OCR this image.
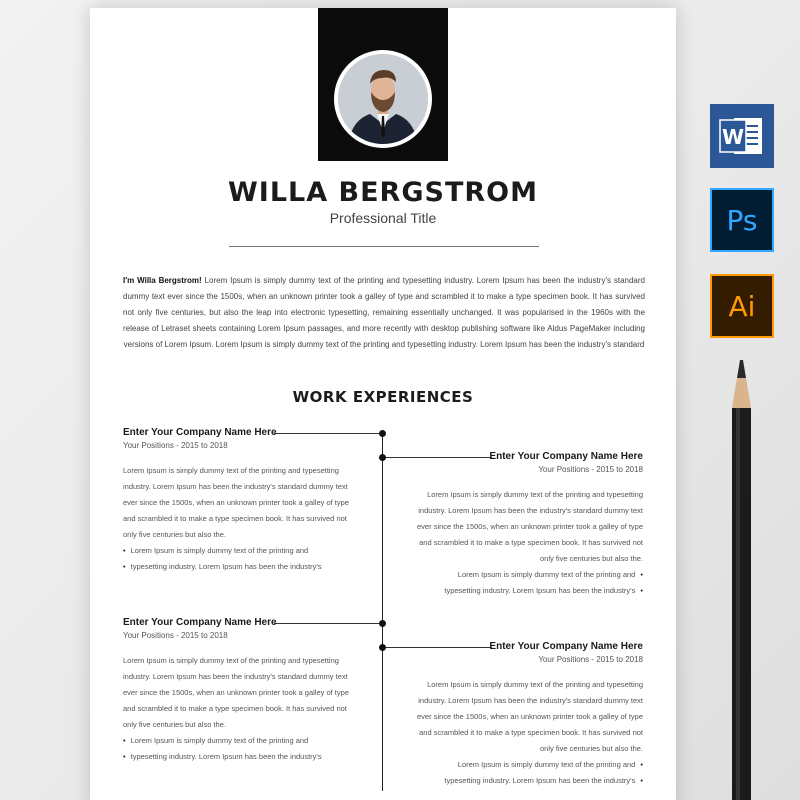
WILLA BERGSTROM
Professional Title

I'm Willa Bergstrom! Lorem Ipsum is simply dummy text of the printing and typesetting industry. Lorem Ipsum has been the industry's standard dummy text ever since the 1500s, when an unknown printer took a galley of type and scrambled it to make a type specimen book. It has survived not only five centuries, but also the leap into electronic typesetting, remaining essentially unchanged. It was popularised in the 1960s with the release of Letraset sheets containing Lorem Ipsum passages, and more recently with desktop publishing software like Aldus PageMaker including versions of Lorem Ipsum. Lorem Ipsum is simply dummy text of the printing and typesetting industry. Lorem Ipsum has been the industry's standard

WORK EXPERIENCES
Enter Your Company Name Here
Your Positions - 2015 to 2018

Lorem Ipsum is simply dummy text of the printing and typesetting industry. Lorem Ipsum has been the industry's standard dummy text ever since the 1500s, when an unknown printer took a galley of type and scrambled it to make a type specimen book. It has survived not only five centuries but also the.

• Lorem Ipsum is simply dummy text of the printing and
• typesetting industry. Lorem Ipsum has been the industry's
Enter Your Company Name Here
Your Positions - 2015 to 2018

Lorem Ipsum is simply dummy text of the printing and typesetting industry. Lorem Ipsum has been the industry's standard dummy text ever since the 1500s, when an unknown printer took a galley of type and scrambled it to make a type specimen book. It has survived not only five centuries but also the.

Lorem Ipsum is simply dummy text of the printing and •
typesetting industry. Lorem Ipsum has been the industry's •
Enter Your Company Name Here
Your Positions - 2015 to 2018

Lorem Ipsum is simply dummy text of the printing and typesetting industry. Lorem Ipsum has been the industry's standard dummy text ever since the 1500s, when an unknown printer took a galley of type and scrambled it to make a type specimen book. It has survived not only five centuries but also the.

• Lorem Ipsum is simply dummy text of the printing and
• typesetting industry. Lorem Ipsum has been the industry's
Enter Your Company Name Here
Your Positions - 2015 to 2018

Lorem Ipsum is simply dummy text of the printing and typesetting industry. Lorem Ipsum has been the industry's standard dummy text ever since the 1500s, when an unknown printer took a galley of type and scrambled it to make a type specimen book. It has survived not only five centuries but also the.

Lorem Ipsum is simply dummy text of the printing and •
typesetting industry. Lorem Ipsum has been the industry's •
W
Ps
Ai
